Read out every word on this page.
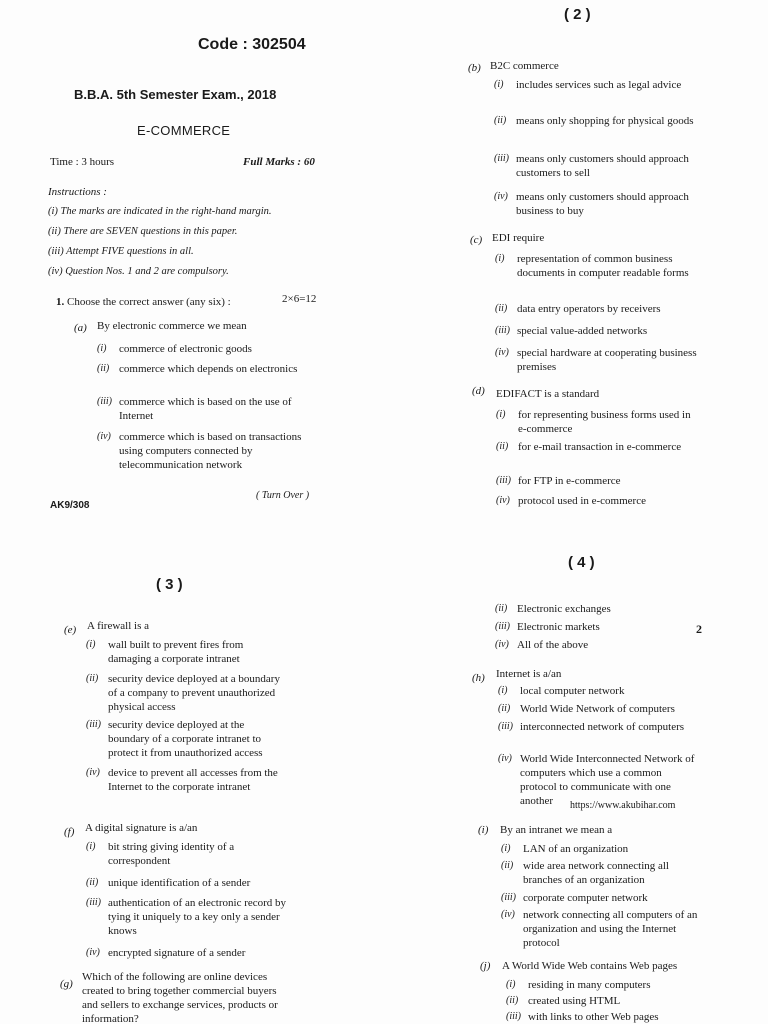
Code : 302504
B.B.A. 5th Semester Exam., 2018
E-COMMERCE
Time : 3 hours	Full Marks : 60
Instructions :
(i) The marks are indicated in the right-hand margin.
(ii) There are SEVEN questions in this paper.
(iii) Attempt FIVE questions in all.
(iv) Question Nos. 1 and 2 are compulsory.
1. Choose the correct answer (any six) :	2×6=12
(a) By electronic commerce we mean
(i) commerce of electronic goods
(ii) commerce which depends on electronics
(iii) commerce which is based on the use of Internet
(iv) commerce which is based on transactions using computers connected by telecommunication network
AK9/308
( Turn Over )
( 2 )
(b) B2C commerce
(i) includes services such as legal advice
(ii) means only shopping for physical goods
(iii) means only customers should approach customers to sell
(iv) means only customers should approach business to buy
(c) EDI require
(i) representation of common business documents in computer readable forms
(ii) data entry operators by receivers
(iii) special value-added networks
(iv) special hardware at cooperating business premises
(d) EDIFACT is a standard
(i) for representing business forms used in e-commerce
(ii) for e-mail transaction in e-commerce
(iii) for FTP in e-commerce
(iv) protocol used in e-commerce
( 3 )
(e) A firewall is a
(i) wall built to prevent fires from damaging a corporate intranet
(ii) security device deployed at a boundary of a company to prevent unauthorized physical access
(iii) security device deployed at the boundary of a corporate intranet to protect it from unauthorized access
(iv) device to prevent all accesses from the Internet to the corporate intranet
(f) A digital signature is a/an
(i) bit string giving identity of a correspondent
(ii) unique identification of a sender
(iii) authentication of an electronic record by tying it uniquely to a key only a sender knows
(iv) encrypted signature of a sender
(g)
Which of the following are online devices created to bring together commercial buyers and sellers to exchange services, products or information?
( 4 )
(ii) Electronic exchanges
(iii) Electronic markets
(iv) All of the above
2
(h) Internet is a/an
(i) local computer network
(ii) World Wide Network of computers
(iii) interconnected network of computers
(iv) World Wide Interconnected Network of computers which use a common protocol to communicate with one another	https://www.akubihar.com
(i) By an intranet we mean a
(i) LAN of an organization
(ii) wide area network connecting all branches of an organization
(iii) corporate computer network
(iv) network connecting all computers of an organization and using the Internet protocol
(j) A World Wide Web contains Web pages
(i) residing in many computers
(ii) created using HTML
(iii) with links to other Web pages
